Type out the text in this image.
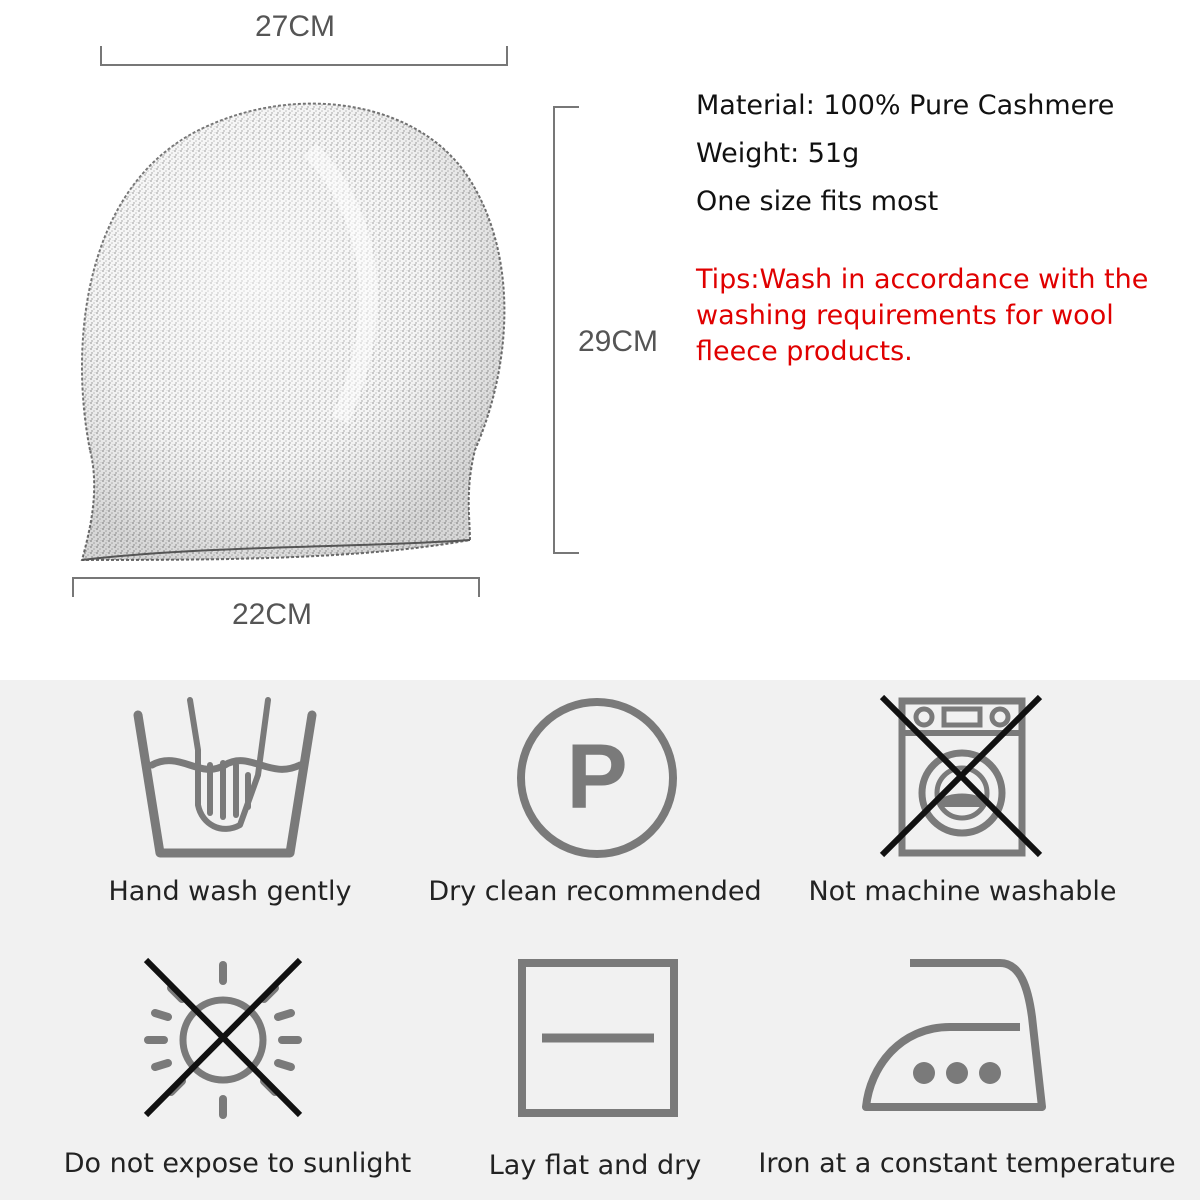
27CM
29CM
22CM
Material: 100% Pure Cashmere
Weight: 51g
One size fits most
Tips:Wash in accordance with the washing requirements for wool fleece products.
Hand wash gently
P
Dry clean recommended	Not machine washable
Do not expose to sunlight	Lay flat and dry	Iron at a constant temperature
